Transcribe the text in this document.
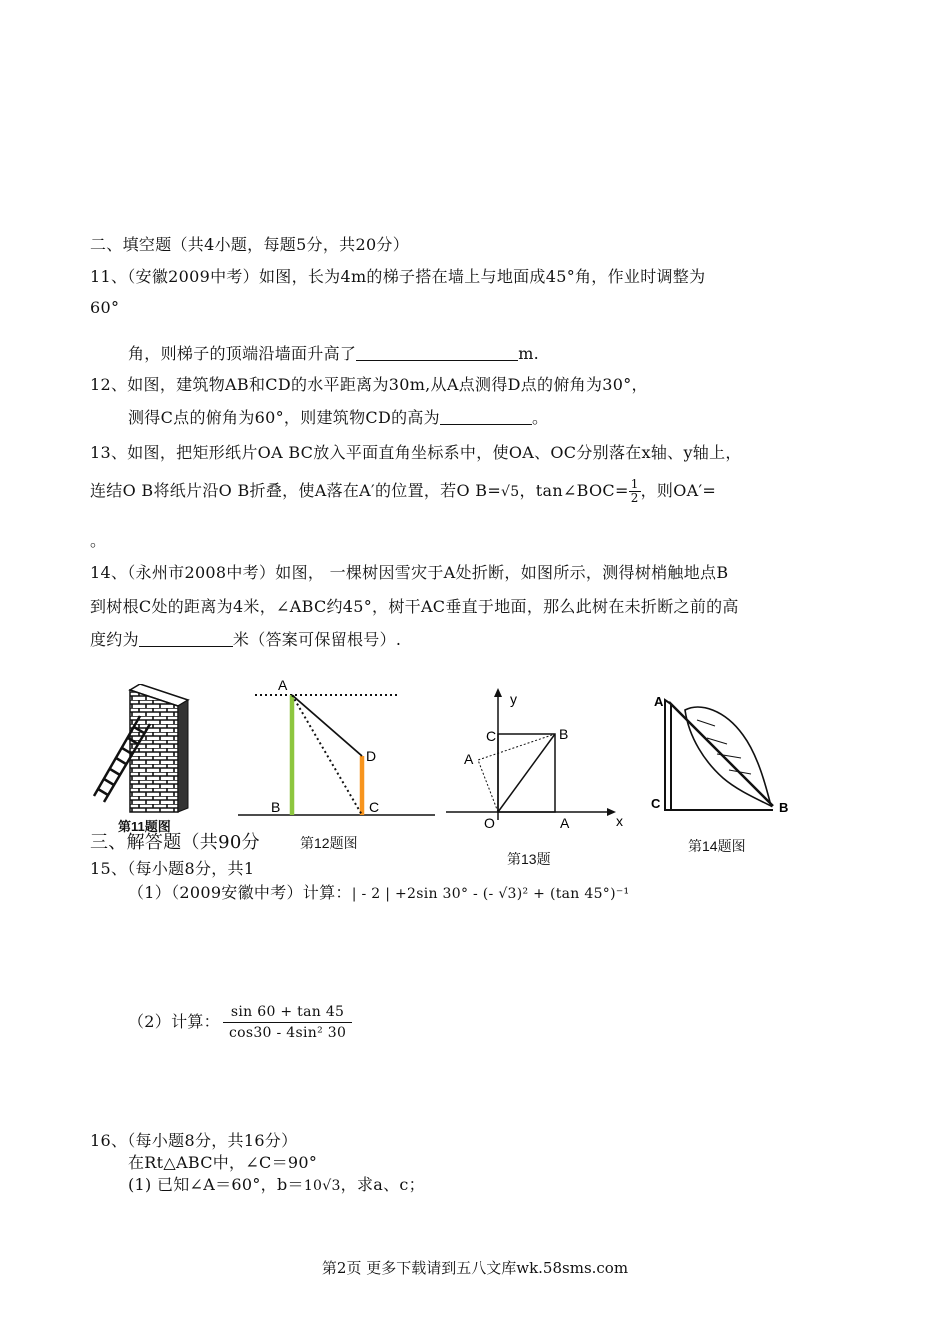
二、填空题（共4小题，每题5分，共20分）
11、（安徽2009中考）如图，长为4m的梯子搭在墙上与地面成45°角，作业时调整为
60°
角，则梯子的顶端沿墙面升高了	m.
12、如图，建筑物AB和CD的水平距离为30m,从A点测得D点的俯角为30°，
测得C点的俯角为60°，则建筑物CD的高为	。
13、如图，把矩形纸片OA BC放入平面直角坐标系中，使OA、OC分别落在x轴、y轴上，
连结O B将纸片沿O B折叠，使A落在A′的位置，若O B=√5，tan∠BOC= $\frac{1}{2}$ ，则OA′=
。
14、（永州市2008中考）如图， 一棵树因雪灾于A处折断，如图所示，测得树梢触地点B
到树根C处的距离为4米，∠ABC约45°，树干AC垂直于地面，那么此树在未折断之前的高
度约为	米（答案可保留根号）.
第11题图
三、解答题（共90分
A
B	C
D
第12题图
y
x
O	A
B
C
A
第13题
A
C	B
第14题图
15、（每小题8分，共1
（1）（2009安徽中考）计算：| - 2 | +2sin 30° - (- √3)² + (tan 45°)⁻¹
（2）计算： $\frac{\sin 60 + \tan 45}{\text{cos30 - 4sin² 30}}$
16、（每小题8分，共16分）
在Rt△ABC中，∠C＝90°
(1) 已知∠A＝60°，b＝10√3，求a、c；
第2页 更多下载请到五八文库wk.58sms.com
